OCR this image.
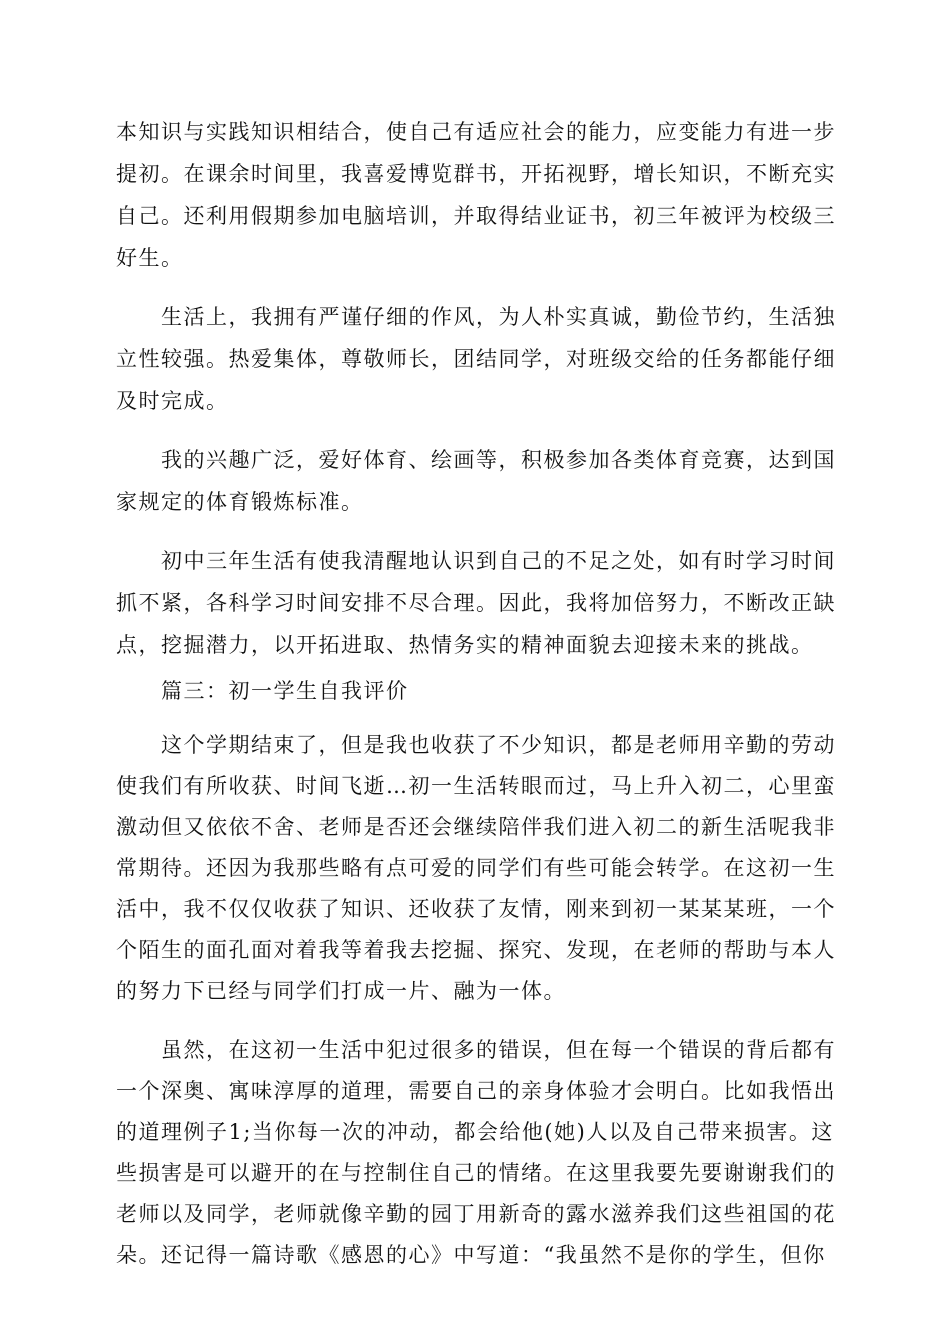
本知识与实践知识相结合，使自己有适应社会的能力，应变能力有进一步
提初。在课余时间里，我喜爱博览群书，开拓视野，增长知识，不断充实
自己。还利用假期参加电脑培训，并取得结业证书，初三年被评为校级三
好生。
生活上，我拥有严谨仔细的作风，为人朴实真诚，勤俭节约，生活独
立性较强。热爱集体，尊敬师长，团结同学，对班级交给的任务都能仔细
及时完成。
我的兴趣广泛，爱好体育、绘画等，积极参加各类体育竞赛，达到国
家规定的体育锻炼标准。
初中三年生活有使我清醒地认识到自己的不足之处，如有时学习时间
抓不紧，各科学习时间安排不尽合理。因此，我将加倍努力，不断改正缺
点，挖掘潜力，以开拓进取、热情务实的精神面貌去迎接未来的挑战。
篇三：初一学生自我评价
这个学期结束了，但是我也收获了不少知识，都是老师用辛勤的劳动
使我们有所收获、时间飞逝…初一生活转眼而过，马上升入初二，心里蛮
激动但又依依不舍、老师是否还会继续陪伴我们进入初二的新生活呢我非
常期待。还因为我那些略有点可爱的同学们有些可能会转学。在这初一生
活中，我不仅仅收获了知识、还收获了友情，刚来到初一某某某班，一个
个陌生的面孔面对着我等着我去挖掘、探究、发现，在老师的帮助与本人
的努力下已经与同学们打成一片、融为一体。
虽然，在这初一生活中犯过很多的错误，但在每一个错误的背后都有
一个深奥、寓味淳厚的道理，需要自己的亲身体验才会明白。比如我悟出
的道理例子1;当你每一次的冲动，都会给他(她)人以及自己带来损害。这
些损害是可以避开的在与控制住自己的情绪。在这里我要先要谢谢我们的
老师以及同学，老师就像辛勤的园丁用新奇的露水滋养我们这些祖国的花
朵。还记得一篇诗歌《感恩的心》中写道：“我虽然不是你的学生，但你
